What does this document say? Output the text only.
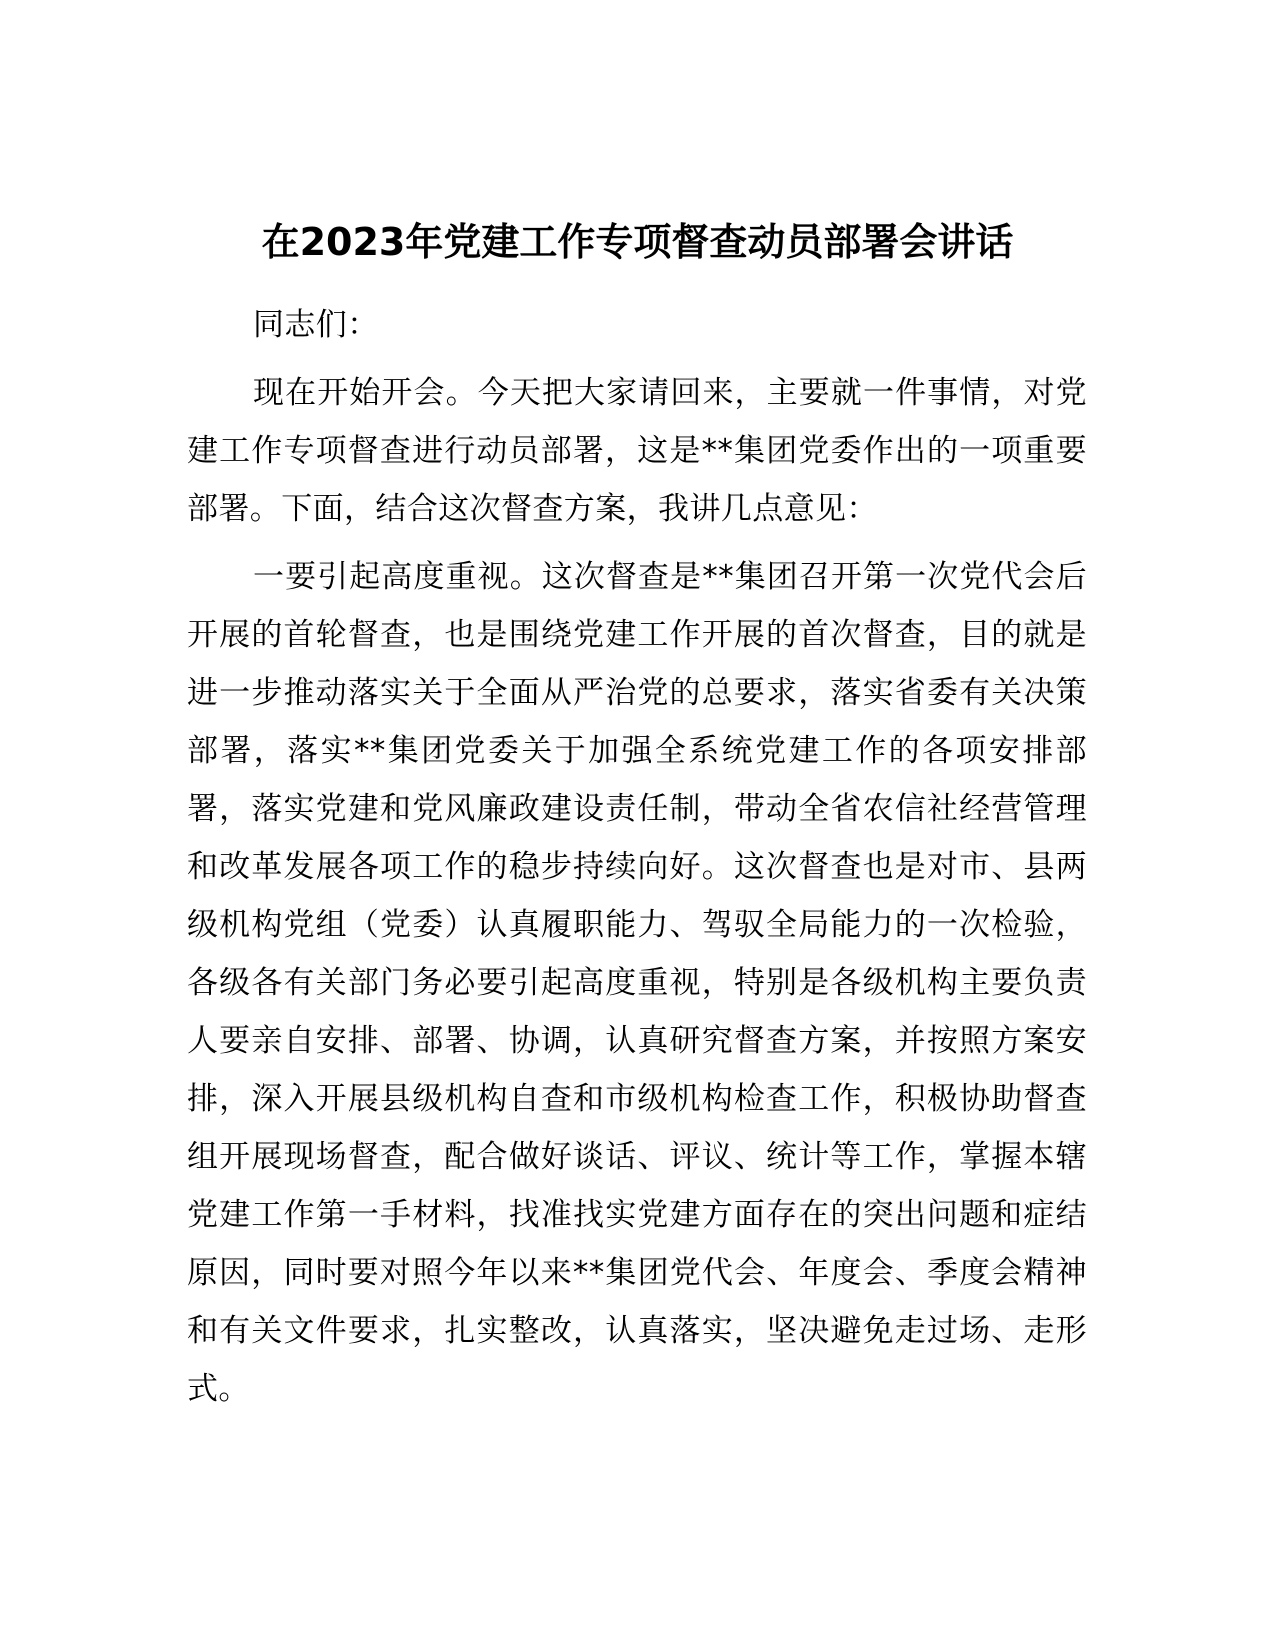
在2023年党建工作专项督查动员部署会讲话

同志们：

现在开始开会。今天把大家请回来，主要就一件事情，对党建工作专项督查进行动员部署，这是**集团党委作出的一项重要部署。下面，结合这次督查方案，我讲几点意见：

一要引起高度重视。这次督查是**集团召开第一次党代会后开展的首轮督查，也是围绕党建工作开展的首次督查，目的就是进一步推动落实关于全面从严治党的总要求，落实省委有关决策部署，落实**集团党委关于加强全系统党建工作的各项安排部署，落实党建和党风廉政建设责任制，带动全省农信社经营管理和改革发展各项工作的稳步持续向好。这次督查也是对市、县两级机构党组（党委）认真履职能力、驾驭全局能力的一次检验，各级各有关部门务必要引起高度重视，特别是各级机构主要负责人要亲自安排、部署、协调，认真研究督查方案，并按照方案安排，深入开展县级机构自查和市级机构检查工作，积极协助督查组开展现场督查，配合做好谈话、评议、统计等工作，掌握本辖党建工作第一手材料，找准找实党建方面存在的突出问题和症结原因，同时要对照今年以来**集团党代会、年度会、季度会精神和有关文件要求，扎实整改，认真落实，坚决避免走过场、走形式。
